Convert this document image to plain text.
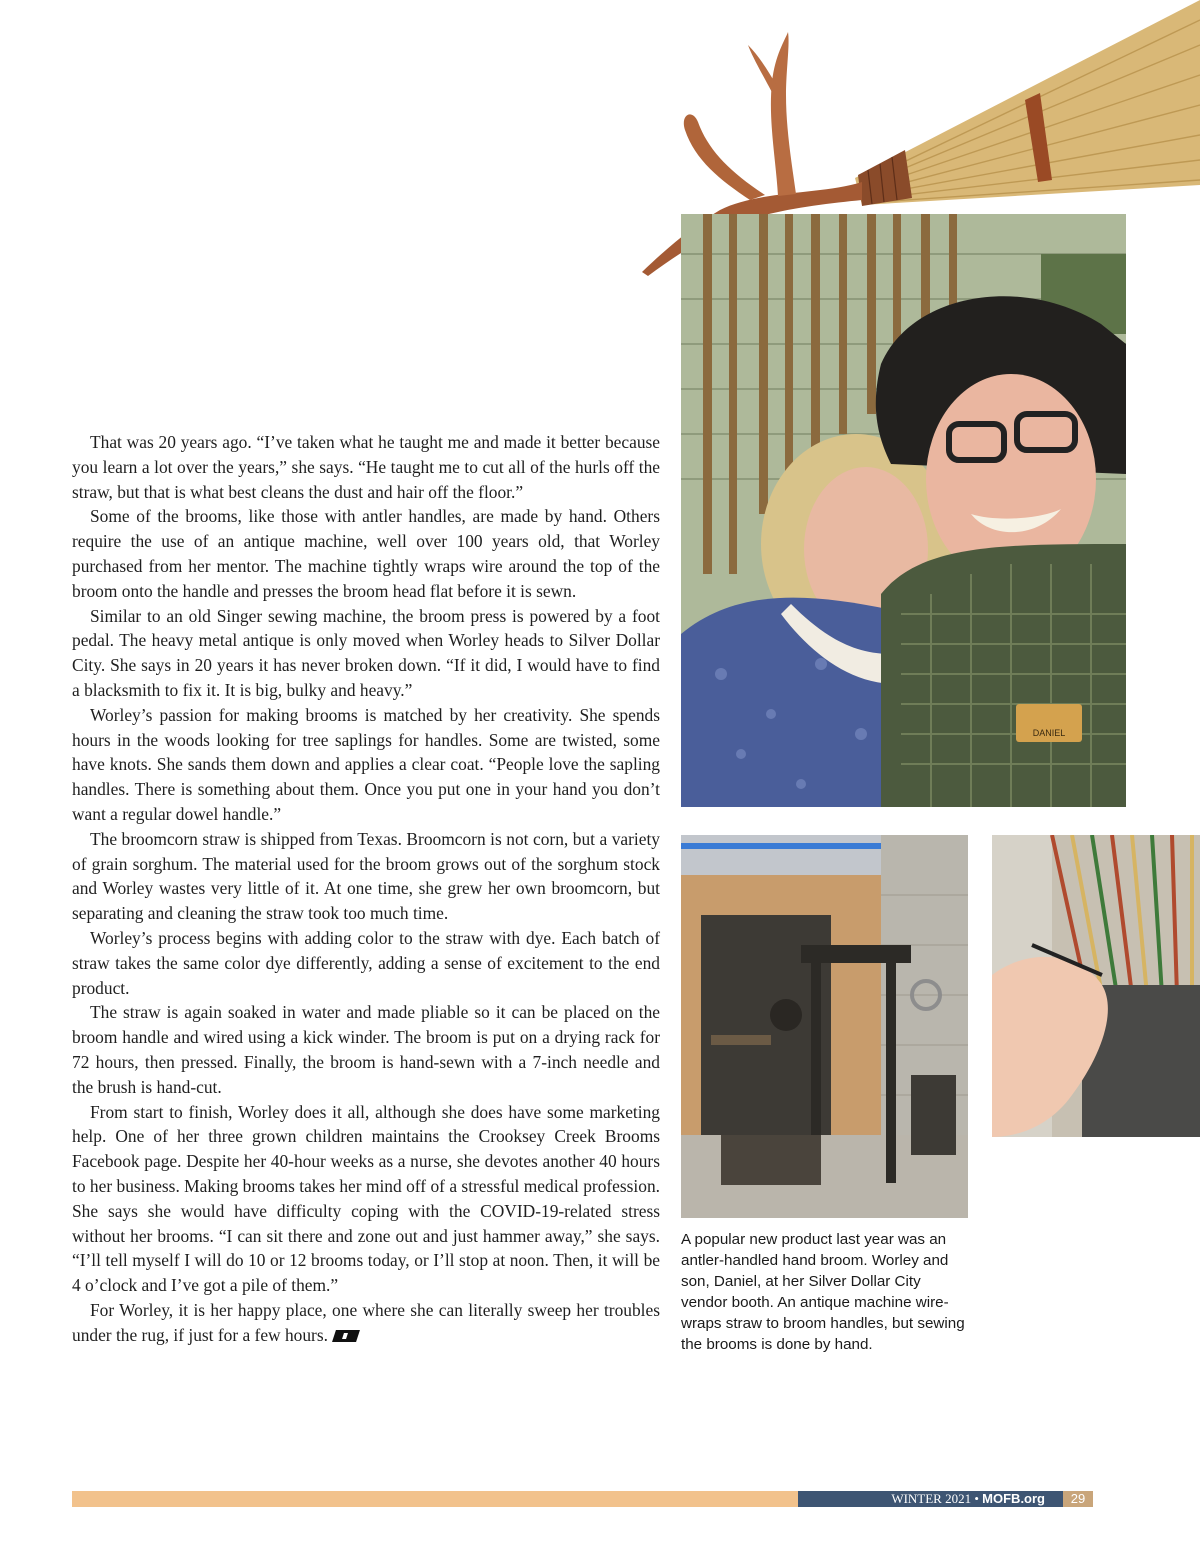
That was 20 years ago. “I’ve taken what he taught me and made it better because you learn a lot over the years,” she says. “He taught me to cut all of the hurls off the straw, but that is what best cleans the dust and hair off the floor.”

Some of the brooms, like those with antler handles, are made by hand. Others require the use of an antique machine, well over 100 years old, that Worley purchased from her mentor. The machine tightly wraps wire around the top of the broom onto the handle and presses the broom head flat before it is sewn.

Similar to an old Singer sewing machine, the broom press is powered by a foot pedal. The heavy metal antique is only moved when Worley heads to Silver Dollar City. She says in 20 years it has never broken down. “If it did, I would have to find a blacksmith to fix it. It is big, bulky and heavy.”

Worley’s passion for making brooms is matched by her creativity. She spends hours in the woods looking for tree saplings for handles. Some are twisted, some have knots. She sands them down and applies a clear coat. “People love the sapling handles. There is something about them. Once you put one in your hand you don’t want a regular dowel handle.”

The broomcorn straw is shipped from Texas. Broomcorn is not corn, but a variety of grain sorghum. The material used for the broom grows out of the sorghum stock and Worley wastes very little of it. At one time, she grew her own broomcorn, but separating and cleaning the straw took too much time.

Worley’s process begins with adding color to the straw with dye. Each batch of straw takes the same color dye differently, adding a sense of excitement to the end product.

The straw is again soaked in water and made pliable so it can be placed on the broom handle and wired using a kick winder. The broom is put on a drying rack for 72 hours, then pressed. Finally, the broom is hand-sewn with a 7-inch needle and the brush is hand-cut.

From start to finish, Worley does it all, although she does have some marketing help. One of her three grown children maintains the Crooksey Creek Brooms Facebook page. Despite her 40-hour weeks as a nurse, she devotes another 40 hours to her business. Making brooms takes her mind off of a stressful medical profession. She says she would have difficulty coping with the COVID-19-related stress without her brooms. “I can sit there and zone out and just hammer away,” she says. “I’ll tell myself I will do 10 or 12 brooms today, or I’ll stop at noon. Then, it will be 4 o’clock and I’ve got a pile of them.”

For Worley, it is her happy place, one where she can literally sweep her troubles under the rug, if just for a few hours.

DANIEL
A popular new product last year was an antler-handled hand broom. Worley and son, Daniel, at her Silver Dollar City vendor booth. An antique machine wire-wraps straw to broom handles, but sewing the brooms is done by hand.
WINTER 2021 • MOFB.org	29
